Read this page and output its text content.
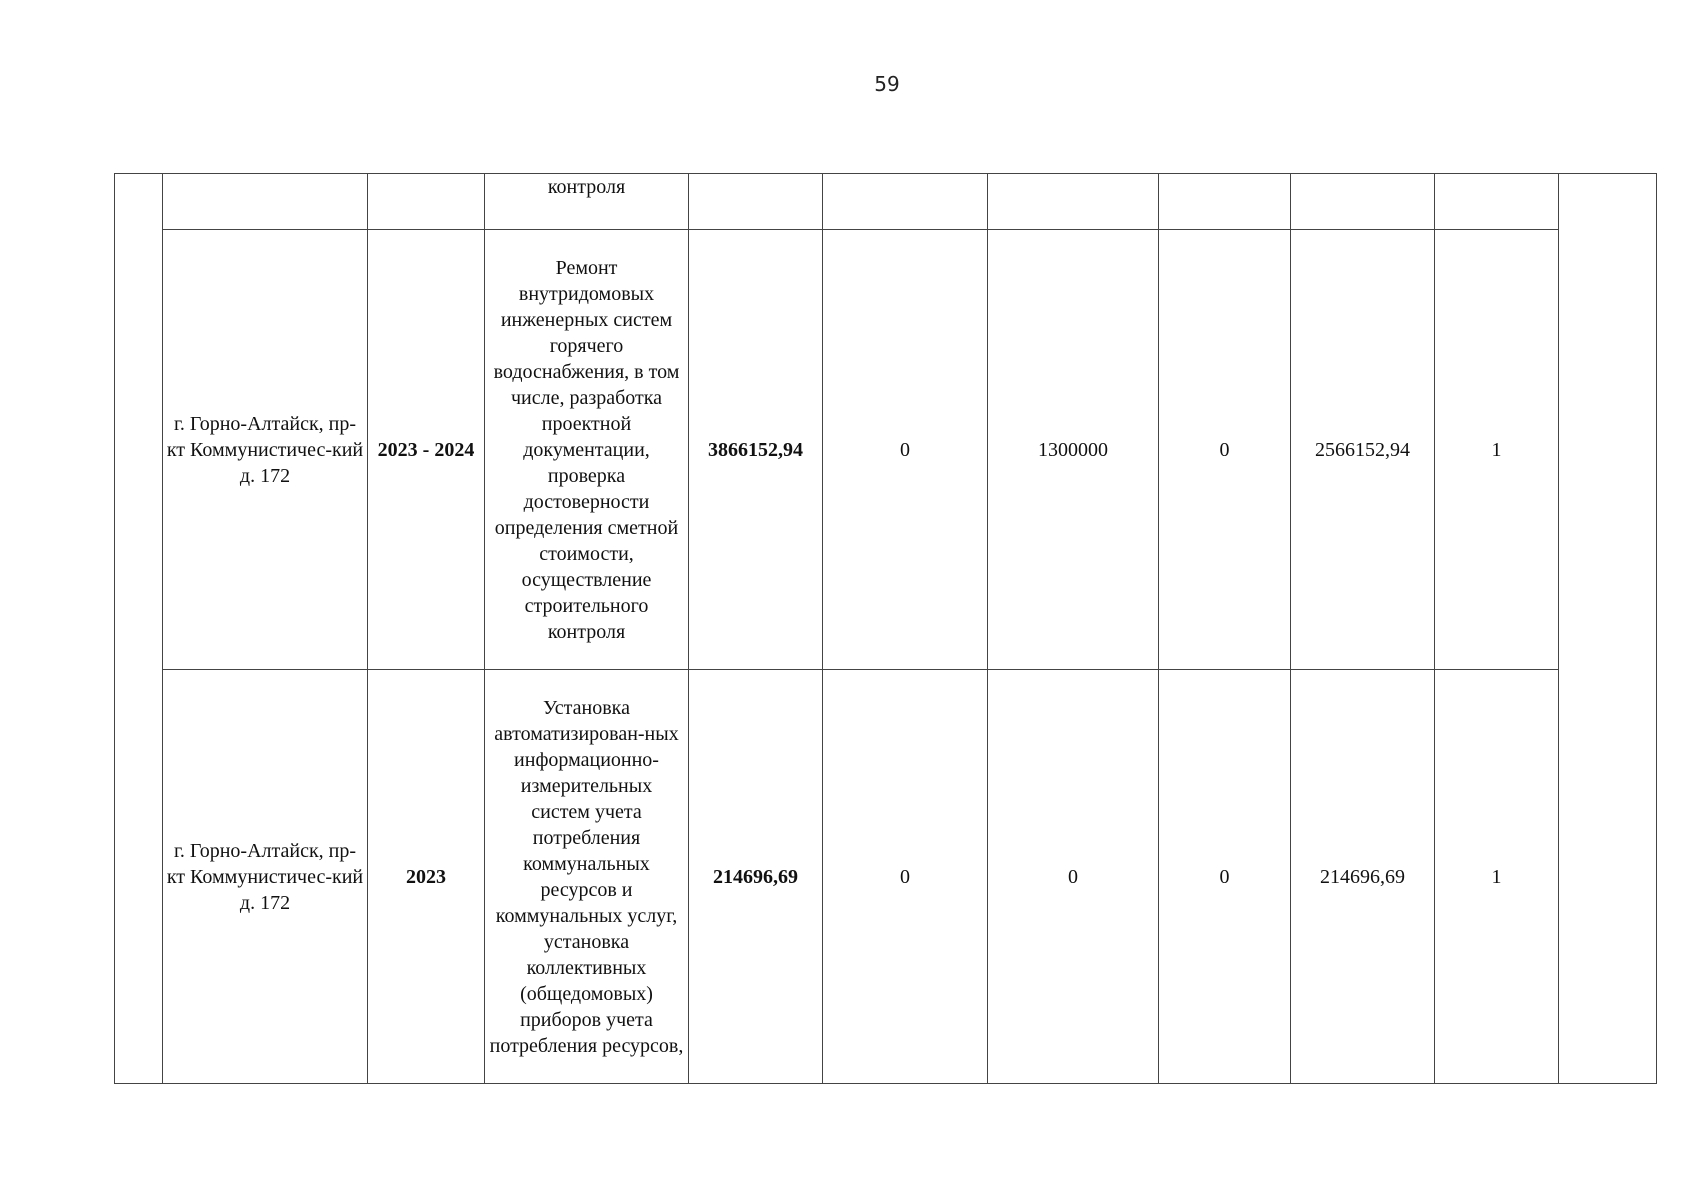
59
			контроля							
	г. Горно-Алтайск, пр-кт Коммунистичес-кий д. 172	2023 - 2024	Ремонт внутридомовых инженерных систем горячего водоснабжения, в том числе, разработка проектной документации, проверка достоверности определения сметной стоимости, осуществление строительного контроля	3866152,94	0	1300000	0	2566152,94	1	
	г. Горно-Алтайск, пр-кт Коммунистичес-кий д. 172	2023	Установка автоматизирован-ных информационно-измерительных систем учета потребления коммунальных ресурсов и коммунальных услуг, установка коллективных (общедомовых) приборов учета потребления ресурсов,	214696,69	0	0	0	214696,69	1	
